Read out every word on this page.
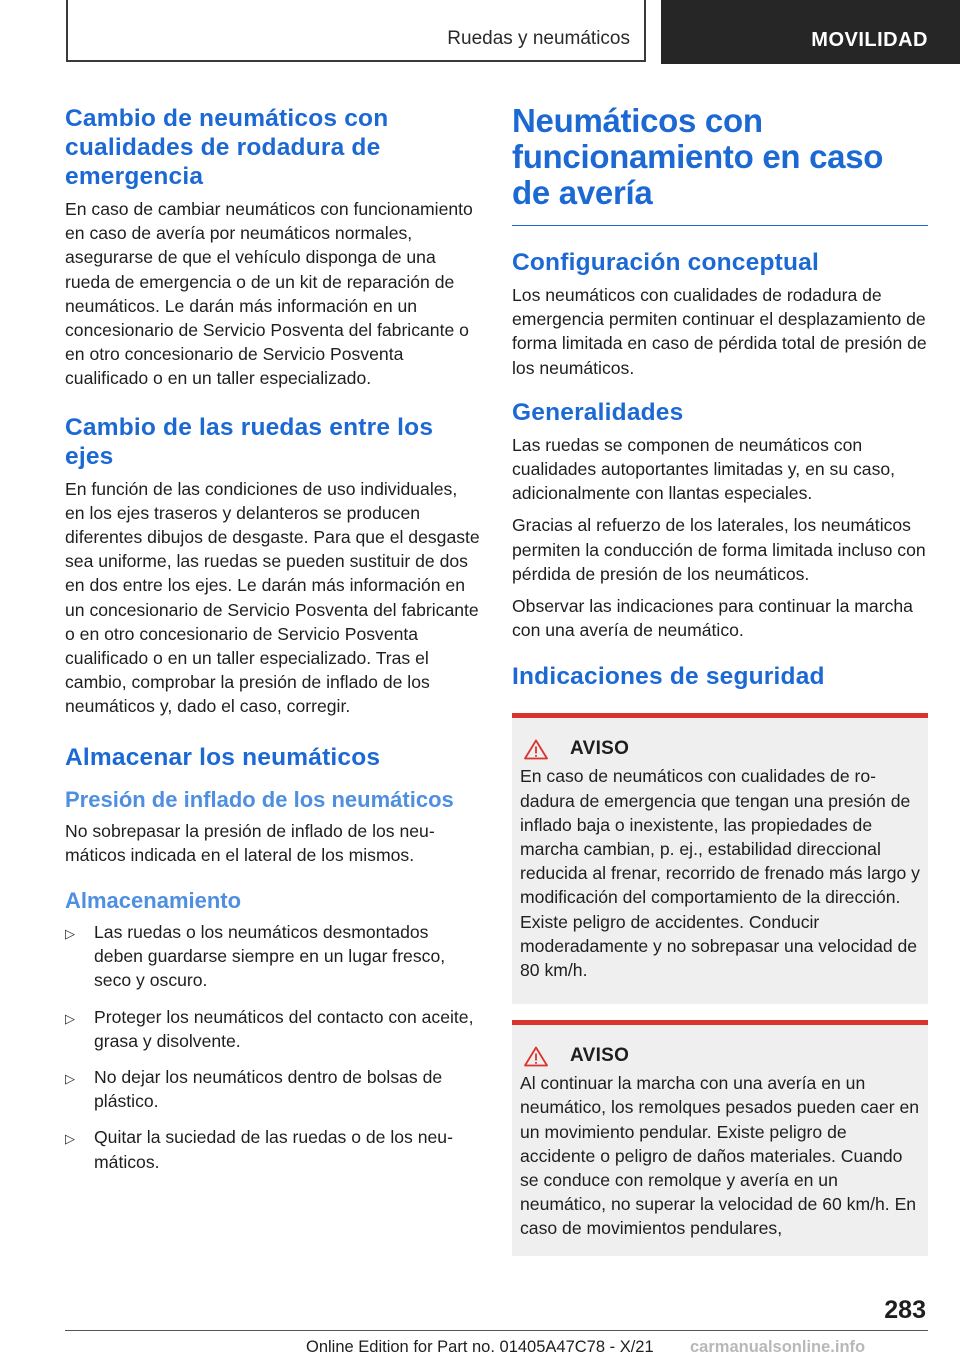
Ruedas y neumáticos	MOVILIDAD
Cambio de neumáticos con cualidades de rodadura de emergencia

En caso de cambiar neumáticos con funcionamiento en caso de avería por neumáticos normales, asegurarse de que el vehículo disponga de una rueda de emergencia o de un kit de reparación de neumáticos. Le darán más información en un concesionario de Servicio Posventa del fabricante o en otro concesionario de Servicio Posventa cualificado o en un taller especializado.

Cambio de las ruedas entre los ejes

En función de las condiciones de uso individuales, en los ejes traseros y delanteros se producen diferentes dibujos de desgaste. Para que el desgaste sea uniforme, las ruedas se pueden sustituir de dos en dos entre los ejes. Le darán más información en un concesionario de Servicio Posventa del fabricante o en otro concesionario de Servicio Posventa cualificado o en un taller especializado. Tras el cambio, comprobar la presión de inflado de los neumáticos y, dado el caso, corregir.

Almacenar los neumáticos
Presión de inflado de los neumáticos

No sobrepasar la presión de inflado de los neumáticos indicada en el lateral de los mismos.

Almacenamiento
▷ Las ruedas o los neumáticos desmontados deben guardarse siempre en un lugar fresco, seco y oscuro.
▷ Proteger los neumáticos del contacto con aceite, grasa y disolvente.
▷ No dejar los neumáticos dentro de bolsas de plástico.
▷ Quitar la suciedad de las ruedas o de los neumáticos.
Neumáticos con funcionamiento en caso de avería
Configuración conceptual

Los neumáticos con cualidades de rodadura de emergencia permiten continuar el desplazamiento de forma limitada en caso de pérdida total de presión de los neumáticos.

Generalidades

Las ruedas se componen de neumáticos con cualidades autoportantes limitadas y, en su caso, adicionalmente con llantas especiales.

Gracias al refuerzo de los laterales, los neumáticos permiten la conducción de forma limitada incluso con pérdida de presión de los neumáticos.

Observar las indicaciones para continuar la marcha con una avería de neumático.

Indicaciones de seguridad
AVISO

En caso de neumáticos con cualidades de rodadura de emergencia que tengan una presión de inflado baja o inexistente, las propiedades de marcha cambian, p. ej., estabilidad direccional reducida al frenar, recorrido de frenado más largo y modificación del comportamiento de la dirección. Existe peligro de accidentes. Conducir moderadamente y no sobrepasar una velocidad de 80 km/h.

AVISO

Al continuar la marcha con una avería en un neumático, los remolques pesados pueden caer en un movimiento pendular. Existe peligro de accidente o peligro de daños materiales. Cuando se conduce con remolque y avería en un neumático, no superar la velocidad de 60 km/h. En caso de movimientos pendulares,

283
Online Edition for Part no. 01405A47C78 - X/21 carmanualsonline.info
